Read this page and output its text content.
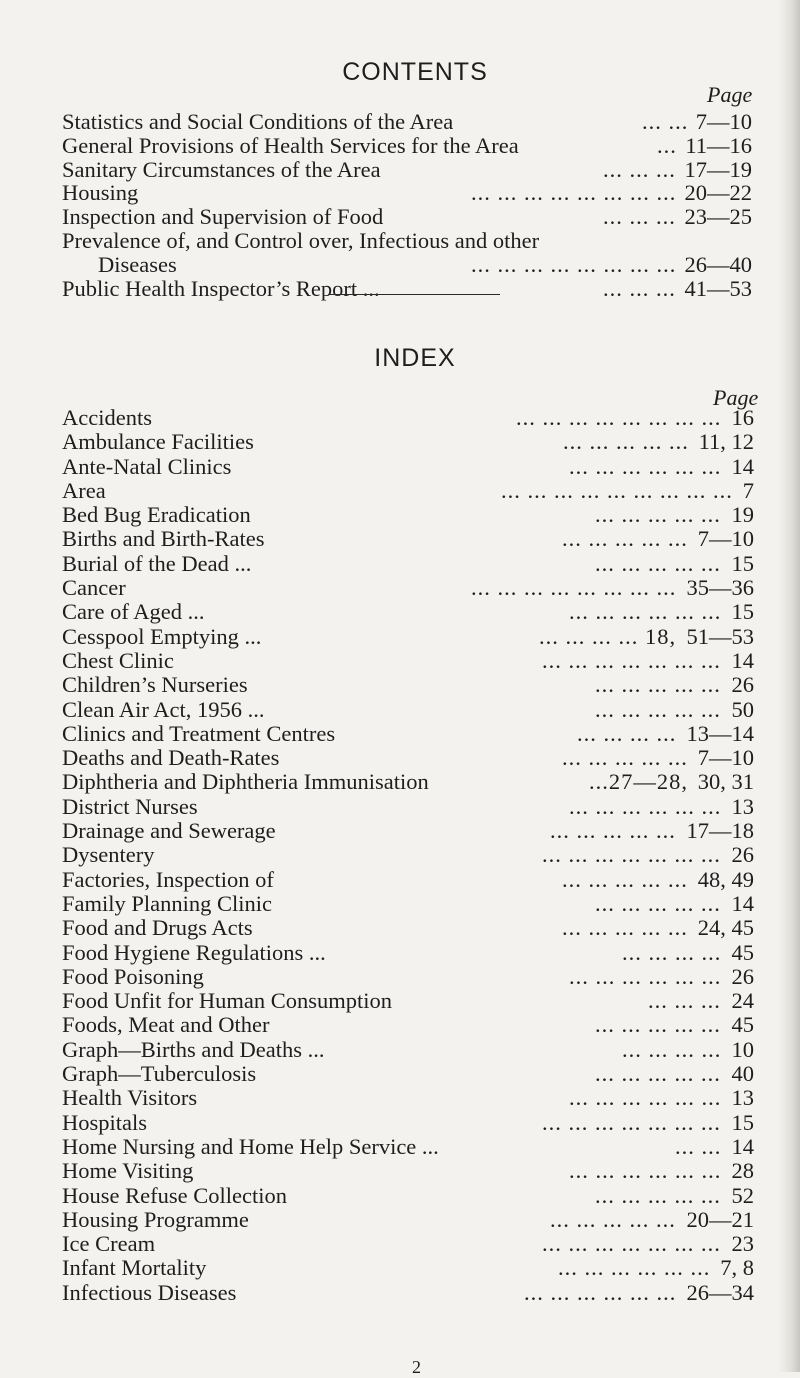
CONTENTS
Page
Statistics and Social Conditions of the Area	... ... 7—10
General Provisions of Health Services for the Area	... 11—16
Sanitary Circumstances of the Area	... ... ... 17—19
Housing	... ... ... ... ... ... ... ... 20—22
Inspection and Supervision of Food	... ... ... 23—25
Prevalence of, and Control over, Infectious and other
Diseases	... ... ... ... ... ... ... ... 26—40
Public Health Inspector’s Report ...	... ... ... 41—53
INDEX
Page
Accidents	... ... ... ... ... ... ... ... 16
Ambulance Facilities	... ... ... ... ... 11, 12
Ante-Natal Clinics	... ... ... ... ... ... 14
Area	... ... ... ... ... ... ... ... ... 7
Bed Bug Eradication	... ... ... ... ... 19
Births and Birth-Rates	... ... ... ... ... 7—10
Burial of the Dead ...	... ... ... ... ... 15
Cancer	... ... ... ... ... ... ... ... 35—36
Care of Aged ...	... ... ... ... ... ... 15
Cesspool Emptying ...	... ... ... ... 18, 51—53
Chest Clinic	... ... ... ... ... ... ... 14
Children’s Nurseries	... ... ... ... ... 26
Clean Air Act, 1956 ...	... ... ... ... ... 50
Clinics and Treatment Centres	... ... ... ... 13—14
Deaths and Death-Rates	... ... ... ... ... 7—10
Diphtheria and Diphtheria Immunisation	...27—28, 30, 31
District Nurses	... ... ... ... ... ... 13
Drainage and Sewerage	... ... ... ... ... 17—18
Dysentery	... ... ... ... ... ... ... 26
Factories, Inspection of	... ... ... ... ... 48, 49
Family Planning Clinic	... ... ... ... ... 14
Food and Drugs Acts	... ... ... ... ... 24, 45
Food Hygiene Regulations ...	... ... ... ... 45
Food Poisoning	... ... ... ... ... ... 26
Food Unfit for Human Consumption	... ... ... 24
Foods, Meat and Other	... ... ... ... ... 45
Graph—Births and Deaths ...	... ... ... ... 10
Graph—Tuberculosis	... ... ... ... ... 40
Health Visitors	... ... ... ... ... ... 13
Hospitals	... ... ... ... ... ... ... 15
Home Nursing and Home Help Service ...	... ... 14
Home Visiting	... ... ... ... ... ... 28
House Refuse Collection	... ... ... ... ... 52
Housing Programme	... ... ... ... ... 20—21
Ice Cream	... ... ... ... ... ... ... 23
Infant Mortality	... ... ... ... ... ... 7, 8
Infectious Diseases	... ... ... ... ... ... 26—34
2
